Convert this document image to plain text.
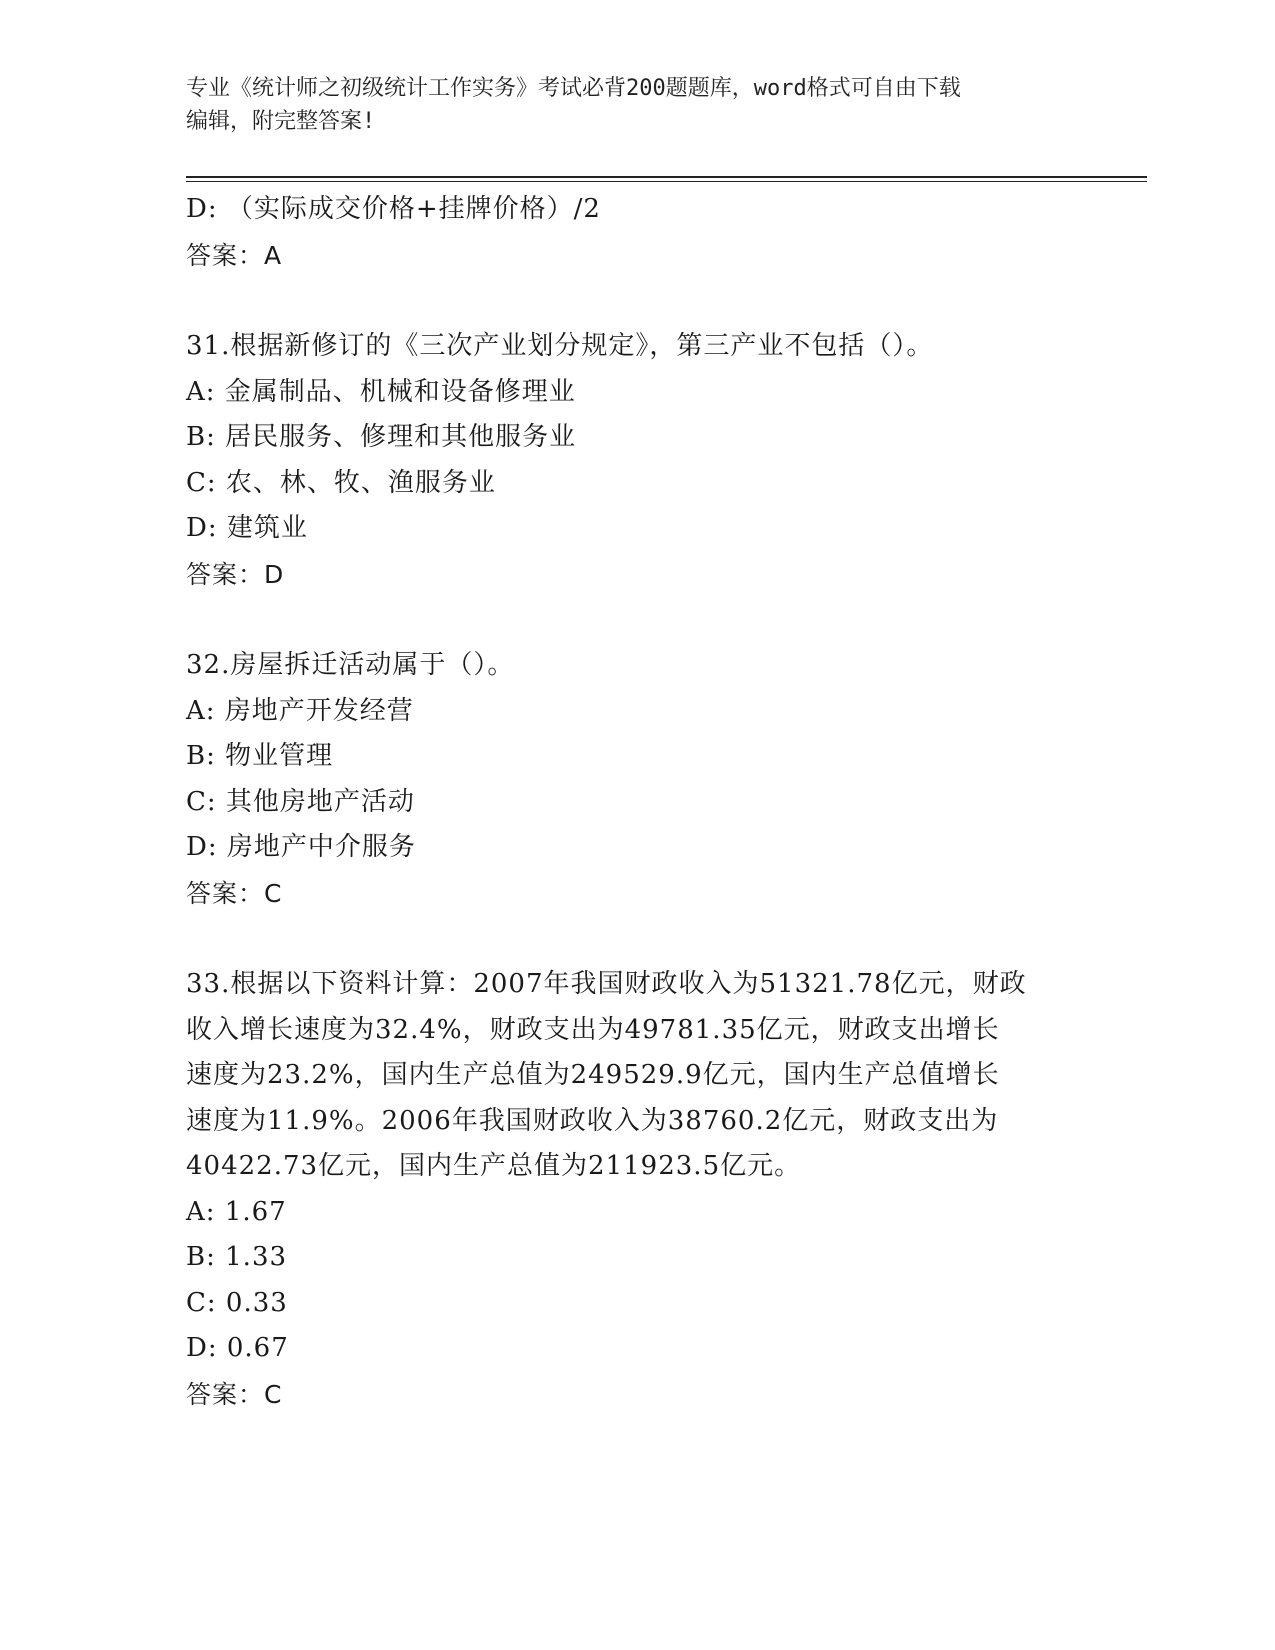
专业《统计师之初级统计工作实务》考试必背200题题库，word格式可自由下载
编辑，附完整答案!
D: （实际成交价格+挂牌价格）/2
答案：A
31.根据新修订的《三次产业划分规定》，第三产业不包括（）。
A: 金属制品、机械和设备修理业
B: 居民服务、修理和其他服务业
C: 农、林、牧、渔服务业
D: 建筑业
答案：D
32.房屋拆迁活动属于（）。
A: 房地产开发经营
B: 物业管理
C: 其他房地产活动
D: 房地产中介服务
答案：C
33.根据以下资料计算：2007年我国财政收入为51321.78亿元，财政
收入增长速度为32.4%，财政支出为49781.35亿元，财政支出增长
速度为23.2%，国内生产总值为249529.9亿元，国内生产总值增长
速度为11.9%。2006年我国财政收入为38760.2亿元，财政支出为
40422.73亿元，国内生产总值为211923.5亿元。
A: 1.67
B: 1.33
C: 0.33
D: 0.67
答案：C
